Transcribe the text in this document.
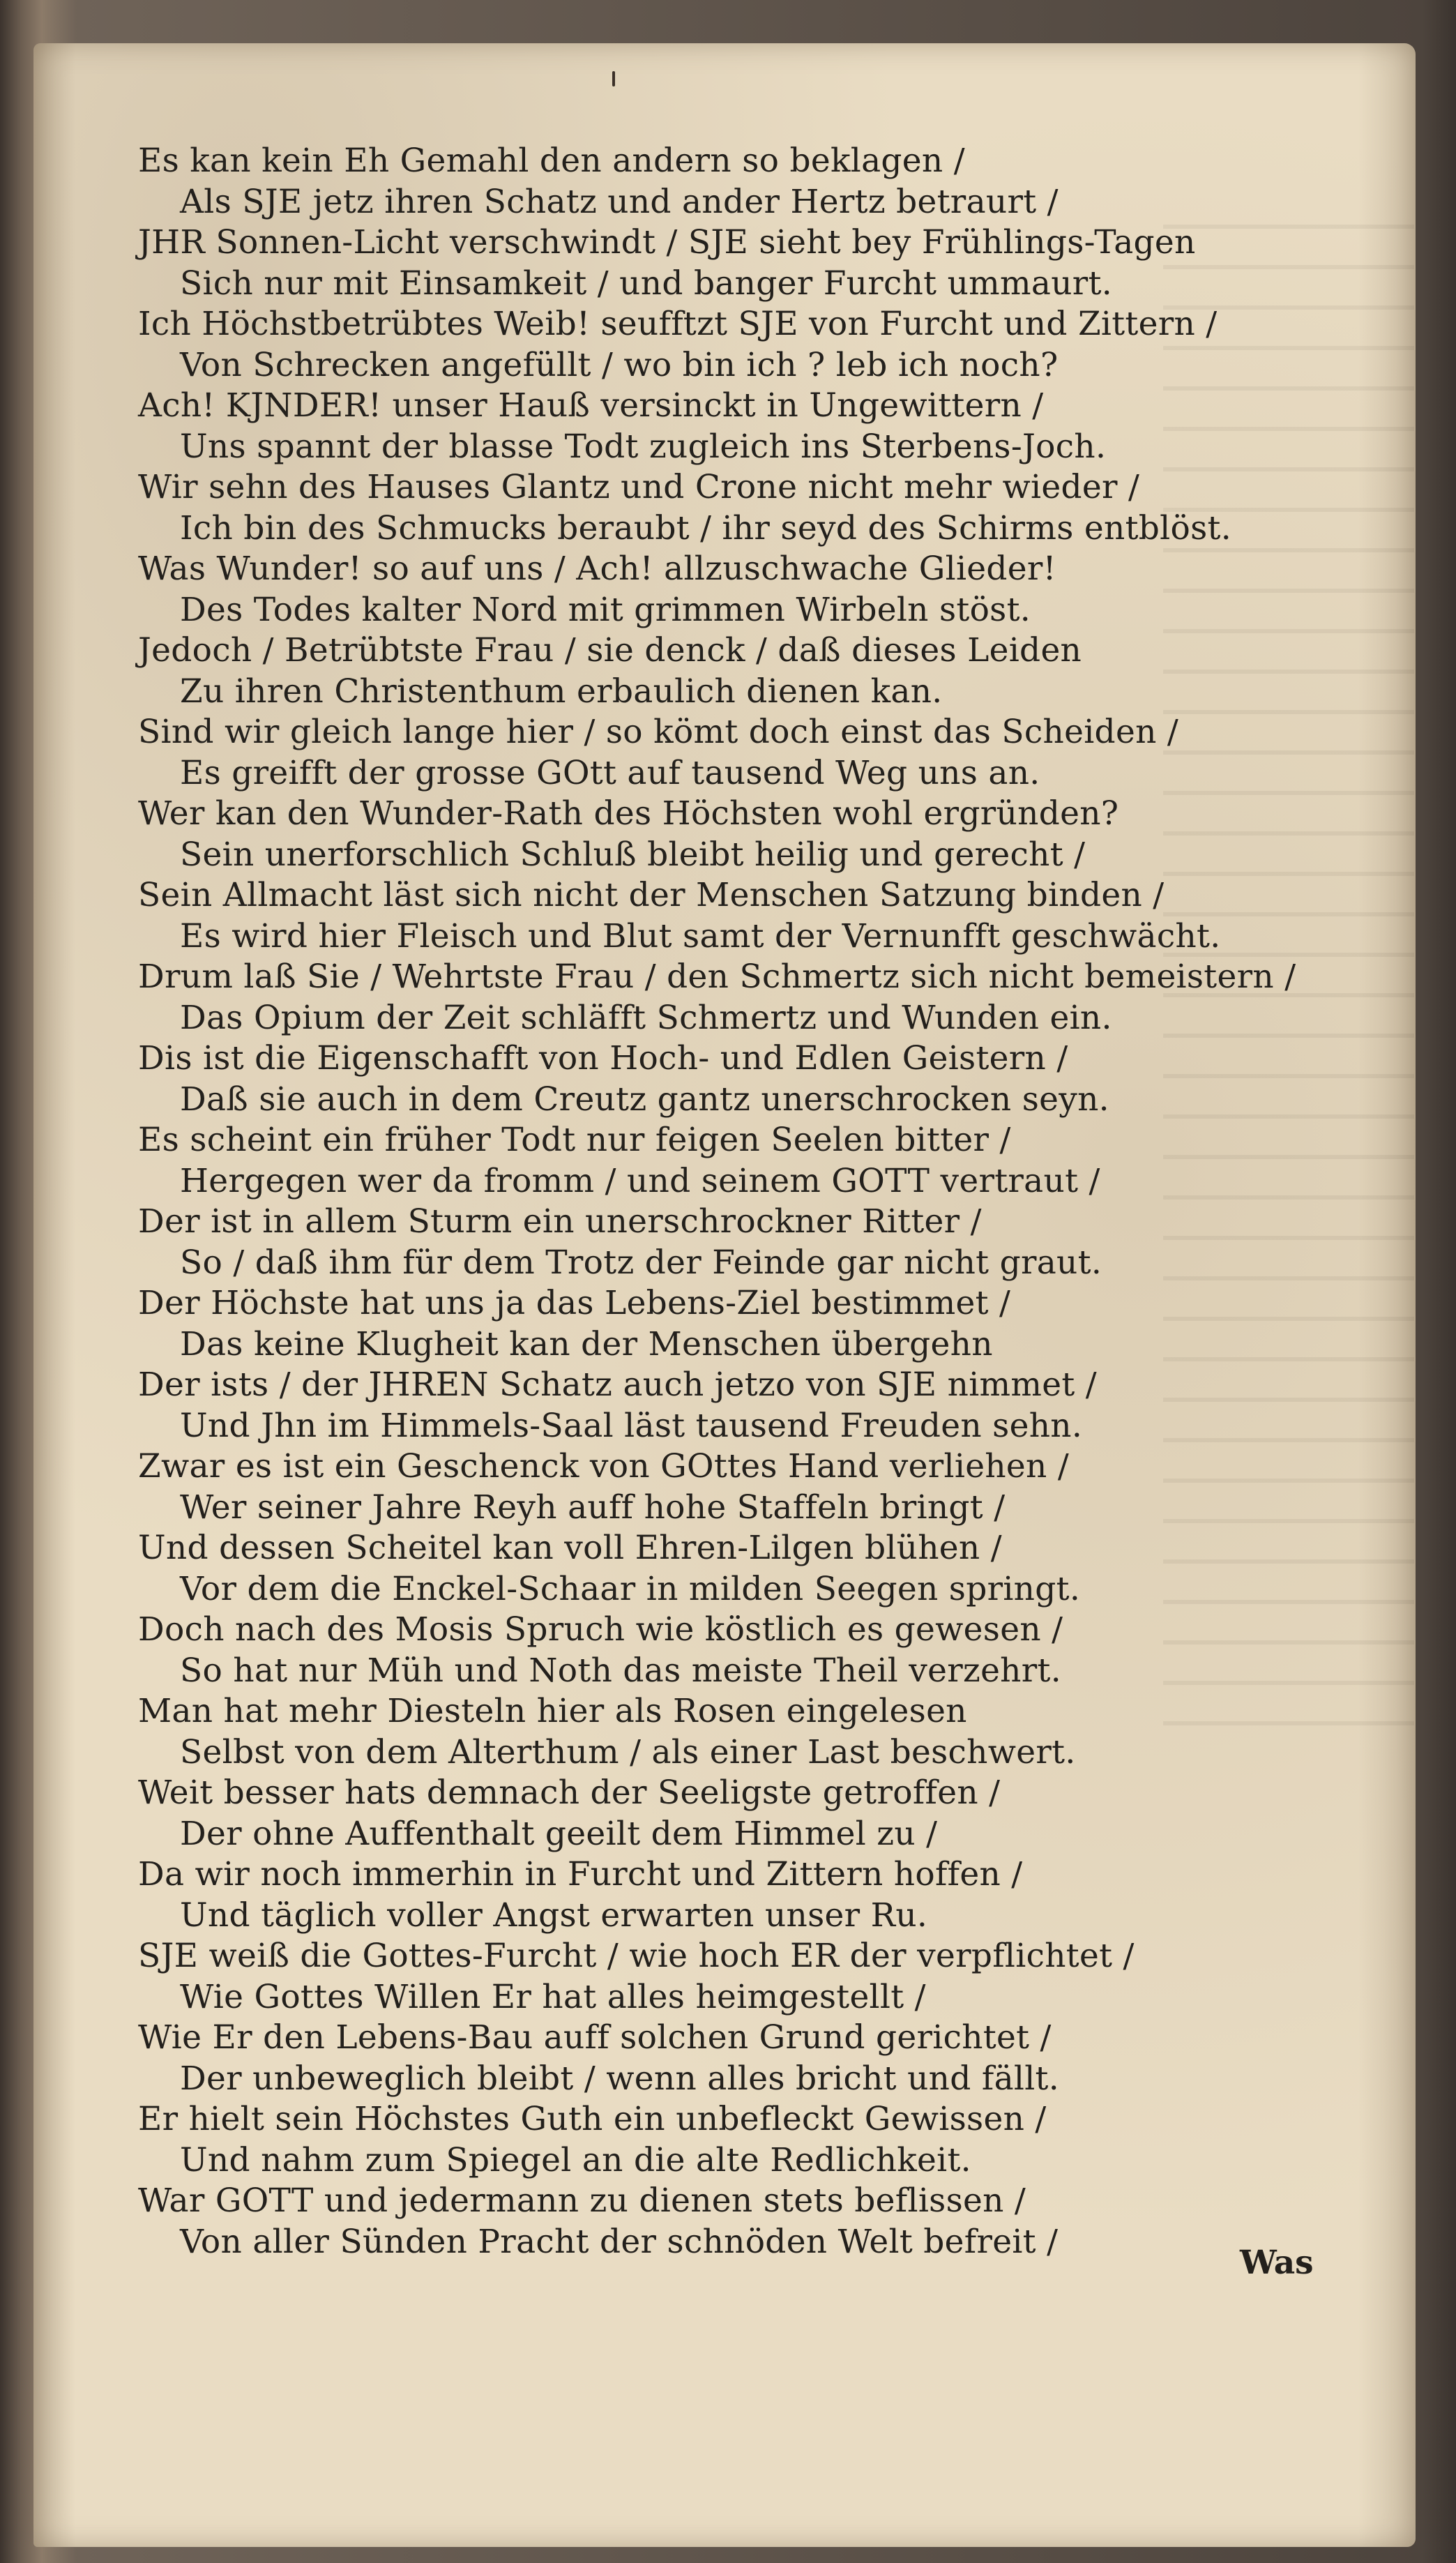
Es kan kein Eh Gemahl den andern so beklagen /
Als SJE jetz ihren Schatz und ander Hertz betraurt /
JHR Sonnen-Licht verschwindt / SJE sieht bey Frühlings-Tagen
Sich nur mit Einsamkeit / und banger Furcht ummaurt.
Ich Höchstbetrübtes Weib! seufftzt SJE von Furcht und Zittern /
Von Schrecken angefüllt / wo bin ich ? leb ich noch?
Ach! KJNDER! unser Hauß versinckt in Ungewittern /
Uns spannt der blasse Todt zugleich ins Sterbens-Joch.
Wir sehn des Hauses Glantz und Crone nicht mehr wieder /
Ich bin des Schmucks beraubt / ihr seyd des Schirms entblöst.
Was Wunder! so auf uns / Ach! allzuschwache Glieder!
Des Todes kalter Nord mit grimmen Wirbeln stöst.
Jedoch / Betrübtste Frau / sie denck / daß dieses Leiden
Zu ihren Christenthum erbaulich dienen kan.
Sind wir gleich lange hier / so kömt doch einst das Scheiden /
Es greifft der grosse GOtt auf tausend Weg uns an.
Wer kan den Wunder-Rath des Höchsten wohl ergründen?
Sein unerforschlich Schluß bleibt heilig und gerecht /
Sein Allmacht läst sich nicht der Menschen Satzung binden /
Es wird hier Fleisch und Blut samt der Vernunfft geschwächt.
Drum laß Sie / Wehrtste Frau / den Schmertz sich nicht bemeistern /
Das Opium der Zeit schläfft Schmertz und Wunden ein.
Dis ist die Eigenschafft von Hoch- und Edlen Geistern /
Daß sie auch in dem Creutz gantz unerschrocken seyn.
Es scheint ein früher Todt nur feigen Seelen bitter /
Hergegen wer da fromm / und seinem GOTT vertraut /
Der ist in allem Sturm ein unerschrockner Ritter /
So / daß ihm für dem Trotz der Feinde gar nicht graut.
Der Höchste hat uns ja das Lebens-Ziel bestimmet /
Das keine Klugheit kan der Menschen übergehn
Der ists / der JHREN Schatz auch jetzo von SJE nimmet /
Und Jhn im Himmels-Saal läst tausend Freuden sehn.
Zwar es ist ein Geschenck von GOttes Hand verliehen /
Wer seiner Jahre Reyh auff hohe Staffeln bringt /
Und dessen Scheitel kan voll Ehren-Lilgen blühen /
Vor dem die Enckel-Schaar in milden Seegen springt.
Doch nach des Mosis Spruch wie köstlich es gewesen /
So hat nur Müh und Noth das meiste Theil verzehrt.
Man hat mehr Diesteln hier als Rosen eingelesen
Selbst von dem Alterthum / als einer Last beschwert.
Weit besser hats demnach der Seeligste getroffen /
Der ohne Auffenthalt geeilt dem Himmel zu /
Da wir noch immerhin in Furcht und Zittern hoffen /
Und täglich voller Angst erwarten unser Ru.
SJE weiß die Gottes-Furcht / wie hoch ER der verpflichtet /
Wie Gottes Willen Er hat alles heimgestellt /
Wie Er den Lebens-Bau auff solchen Grund gerichtet /
Der unbeweglich bleibt / wenn alles bricht und fällt.
Er hielt sein Höchstes Guth ein unbefleckt Gewissen /
Und nahm zum Spiegel an die alte Redlichkeit.
War GOTT und jedermann zu dienen stets beflissen /
Von aller Sünden Pracht der schnöden Welt befreit /
Was
